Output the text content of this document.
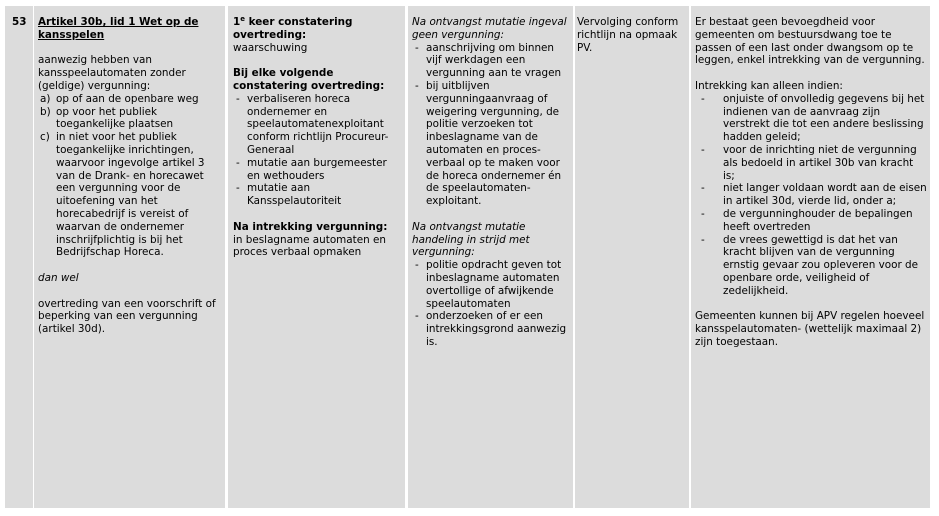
53 Artikel 30b, lid 1 Wet op de kansspelen

aanwezig hebben van kansspeelautomaten zonder (geldige) vergunning:

a) op of aan de openbare weg
b) op voor het publiek toegankelijke plaatsen
c) in niet voor het publiek toegankelijke inrichtingen, waarvoor ingevolge artikel 3 van de Drank- en horecawet een vergunning voor de uitoefening van het horecabedrijf is vereist of waarvan de ondernemer inschrijfplichtig is bij het Bedrijfschap Horeca.

dan wel

overtreding van een voorschrift of beperking van een vergunning (artikel 30d).

1e keer constatering overtreding:

waarschuwing

Bij elke volgende constatering overtreding:

- verbaliseren horeca ondernemer en speelautomatenexploitant conform richtlijn Procureur-Generaal
- mutatie aan burgemeester en wethouders
- mutatie aan Kansspelautoriteit

Na intrekking vergunning:

in beslagname automaten en proces verbaal opmaken

Na ontvangst mutatie ingeval geen vergunning:

- aanschrijving om binnen vijf werkdagen een vergunning aan te vragen
- bij uitblijven vergunningaanvraag of weigering vergunning, de politie verzoeken tot inbeslagname van de automaten en proces-verbaal op te maken voor de horeca ondernemer én de speelautomaten-exploitant.

Na ontvangst mutatie handeling in strijd met vergunning:

- politie opdracht geven tot inbeslagname automaten overtollige of afwijkende speelautomaten
- onderzoeken of er een intrekkingsgrond aanwezig is.

Vervolging conform richtlijn na opmaak PV.

Er bestaat geen bevoegdheid voor gemeenten om bestuursdwang toe te passen of een last onder dwangsom op te leggen, enkel intrekking van de vergunning.

Intrekking kan alleen indien:

- onjuiste of onvolledig gegevens bij het indienen van de aanvraag zijn verstrekt die tot een andere beslissing hadden geleid;
- voor de inrichting niet de vergunning als bedoeld in artikel 30b van kracht is;
- niet langer voldaan wordt aan de eisen in artikel 30d, vierde lid, onder a;
- de vergunninghouder de bepalingen heeft overtreden
- de vrees gewettigd is dat het van kracht blijven van de vergunning ernstig gevaar zou opleveren voor de openbare orde, veiligheid of zedelijkheid.

Gemeenten kunnen bij APV regelen hoeveel kansspelautomaten- (wettelijk maximaal 2) zijn toegestaan.
